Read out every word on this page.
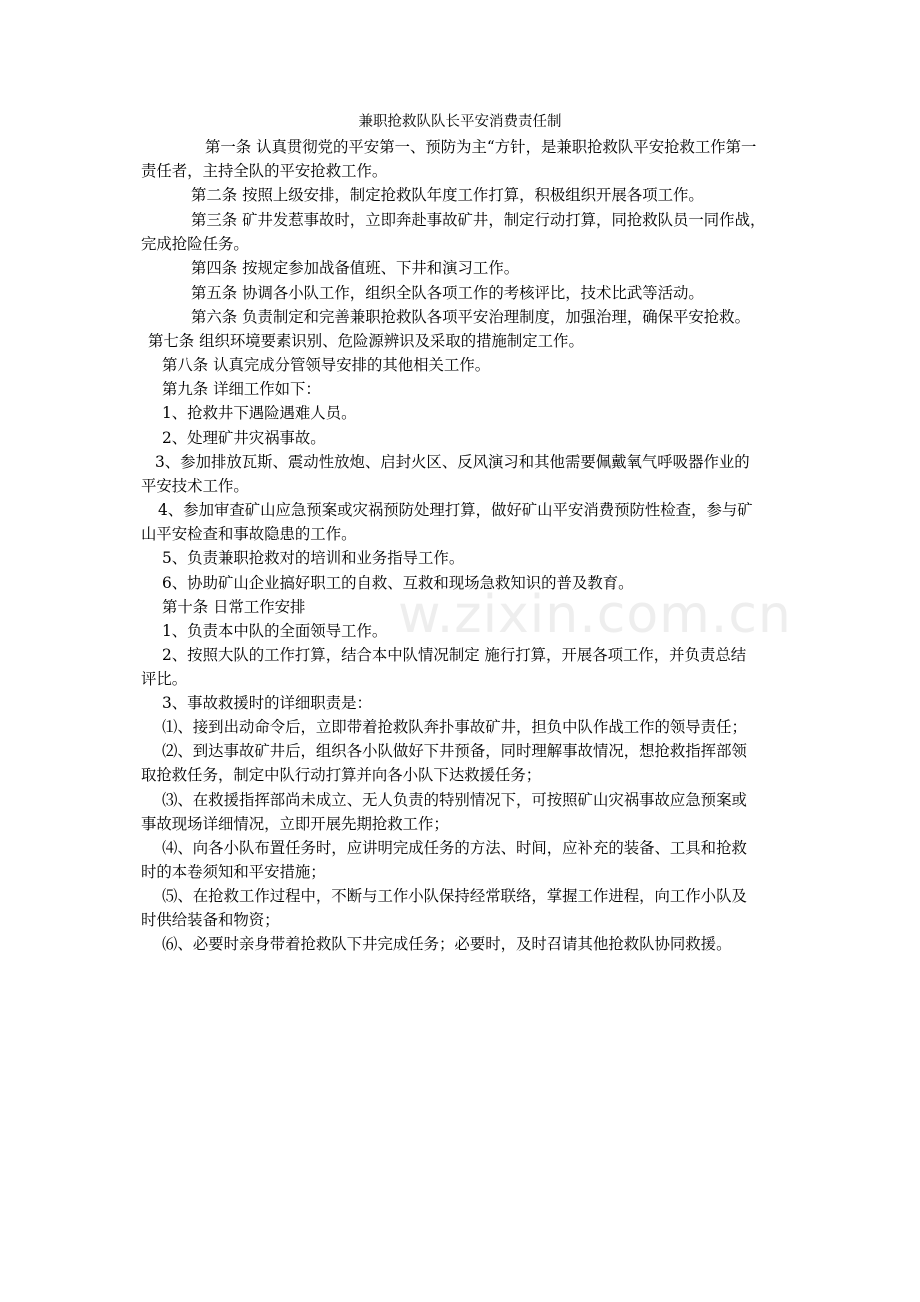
w.zixin.com.cn
兼职抢救队队长平安消费责任制
第一条 认真贯彻党的平安第一、预防为主“方针，是兼职抢救队平安抢救工作第一
责任者，主持全队的平安抢救工作。
第二条 按照上级安排，制定抢救队年度工作打算，积极组织开展各项工作。
第三条 矿井发惹事故时，立即奔赴事故矿井，制定行动打算，同抢救队员一同作战，
完成抢险任务。
第四条 按规定参加战备值班、下井和演习工作。
第五条 协调各小队工作，组织全队各项工作的考核评比，技术比武等活动。
第六条 负责制定和完善兼职抢救队各项平安治理制度，加强治理，确保平安抢救。
第七条 组织环境要素识别、危险源辨识及采取的措施制定工作。
第八条 认真完成分管领导安排的其他相关工作。
第九条 详细工作如下：
1、抢救井下遇险遇难人员。
2、处理矿井灾祸事故。
3、参加排放瓦斯、震动性放炮、启封火区、反风演习和其他需要佩戴氧气呼吸器作业的
平安技术工作。
4、参加审查矿山应急预案或灾祸预防处理打算，做好矿山平安消费预防性检查，参与矿
山平安检查和事故隐患的工作。
5、负责兼职抢救对的培训和业务指导工作。
6、协助矿山企业搞好职工的自救、互救和现场急救知识的普及教育。
第十条 日常工作安排
1、负责本中队的全面领导工作。
2、按照大队的工作打算，结合本中队情况制定 施行打算，开展各项工作，并负责总结
评比。
3、事故救援时的详细职责是：
⑴、接到出动命令后，立即带着抢救队奔扑事故矿井，担负中队作战工作的领导责任；
⑵、到达事故矿井后，组织各小队做好下井预备，同时理解事故情况，想抢救指挥部领
取抢救任务，制定中队行动打算并向各小队下达救援任务；
⑶、在救援指挥部尚未成立、无人负责的特别情况下，可按照矿山灾祸事故应急预案或
事故现场详细情况，立即开展先期抢救工作；
⑷、向各小队布置任务时，应讲明完成任务的方法、时间，应补充的装备、工具和抢救
时的本卷须知和平安措施；
⑸、在抢救工作过程中，不断与工作小队保持经常联络，掌握工作进程，向工作小队及
时供给装备和物资；
⑹、必要时亲身带着抢救队下井完成任务；必要时，及时召请其他抢救队协同救援。
